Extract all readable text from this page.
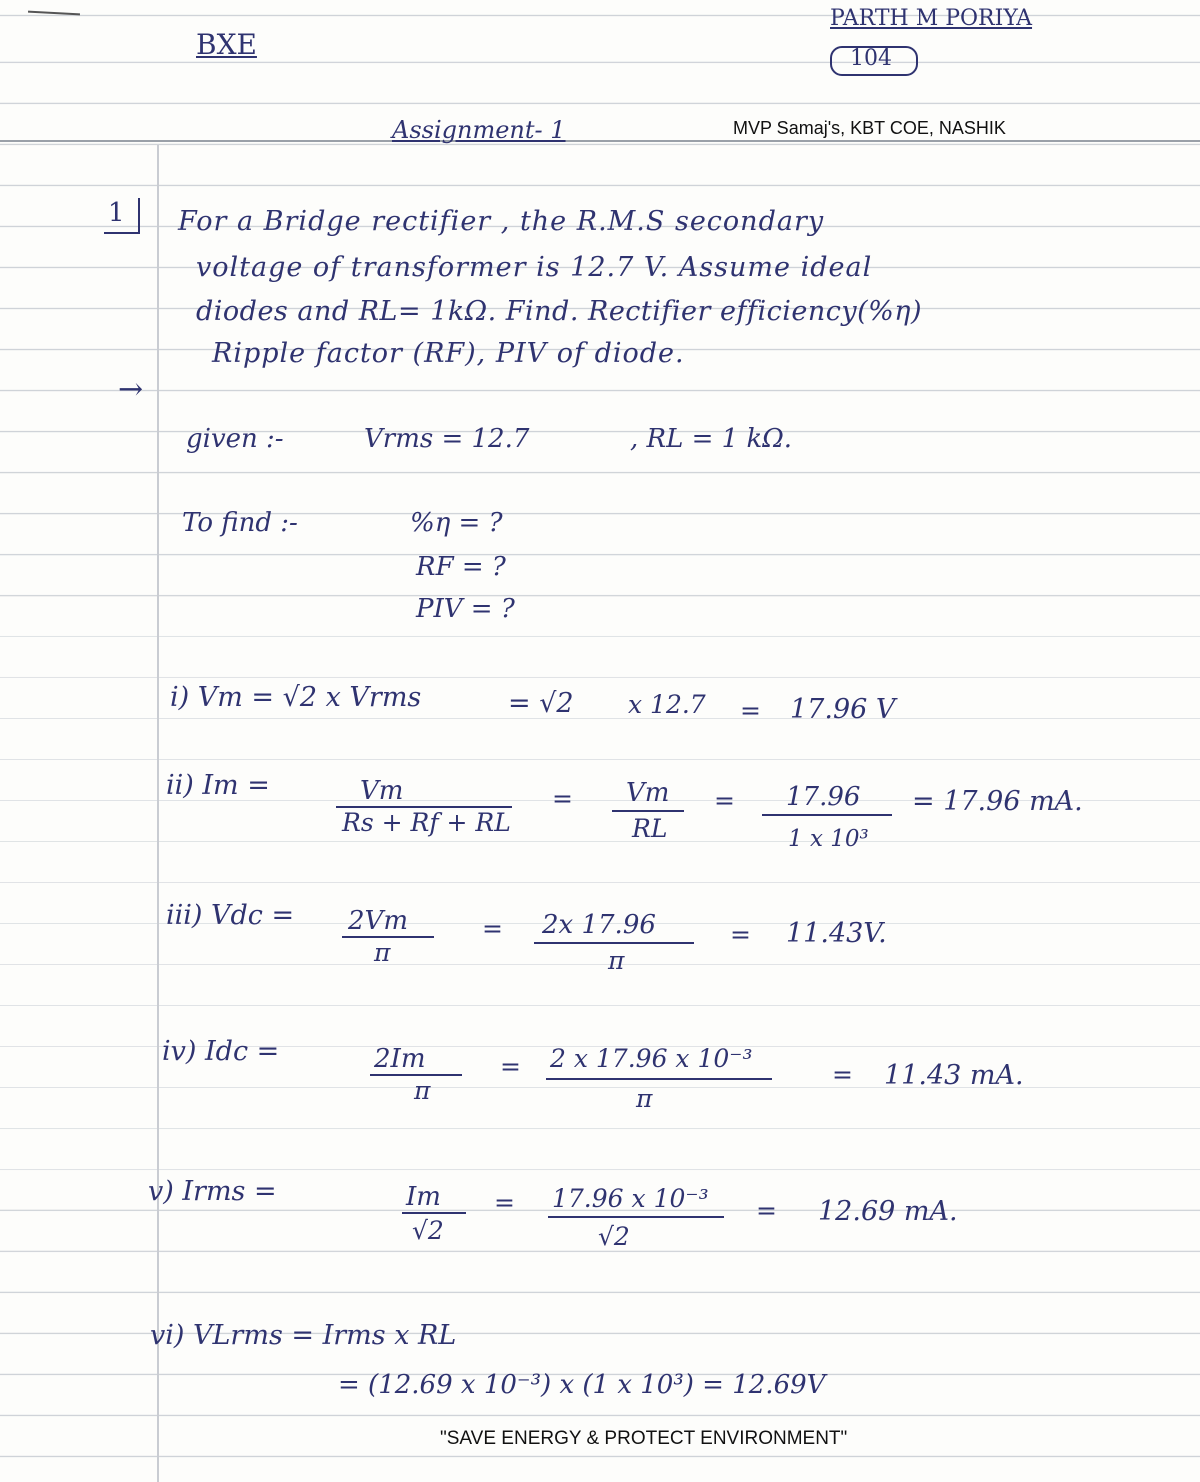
BXE
PARTH M PORIYA
104
Assignment- 1	MVP Samaj's, KBT COE, NASHIK
1 For a Bridge rectifier , the R.M.S secondary
voltage of transformer is 12.7 V. Assume ideal
diodes and RL= 1kΩ. Find. Rectifier efficiency(%η)
Ripple factor (RF), PIV of diode.
→
given :-	Vrms = 12.7	, RL = 1 kΩ.
To find :-	%η = ?
RF = ?
PIV = ?
i) Vm = √2 x Vrms	= √2 x 12.7 = 17.96 V
ii) Im =	Vm
Rs + Rf + RL
= Vm
RL
= 17.96
1 x 10³
= 17.96 mA.
iii) Vdc = 2Vm
π
= 2x 17.96
π
= 11.43V.
iv) Idc =	2Im
π
= 2 x 17.96 x 10⁻³
π
= 11.43 mA.
v) Irms =	Im
√2
= 17.96 x 10⁻³
√2
= 12.69 mA.
vi) VLrms = Irms x RL
= (12.69 x 10⁻³) x (1 x 10³) = 12.69V
"SAVE ENERGY & PROTECT ENVIRONMENT"
